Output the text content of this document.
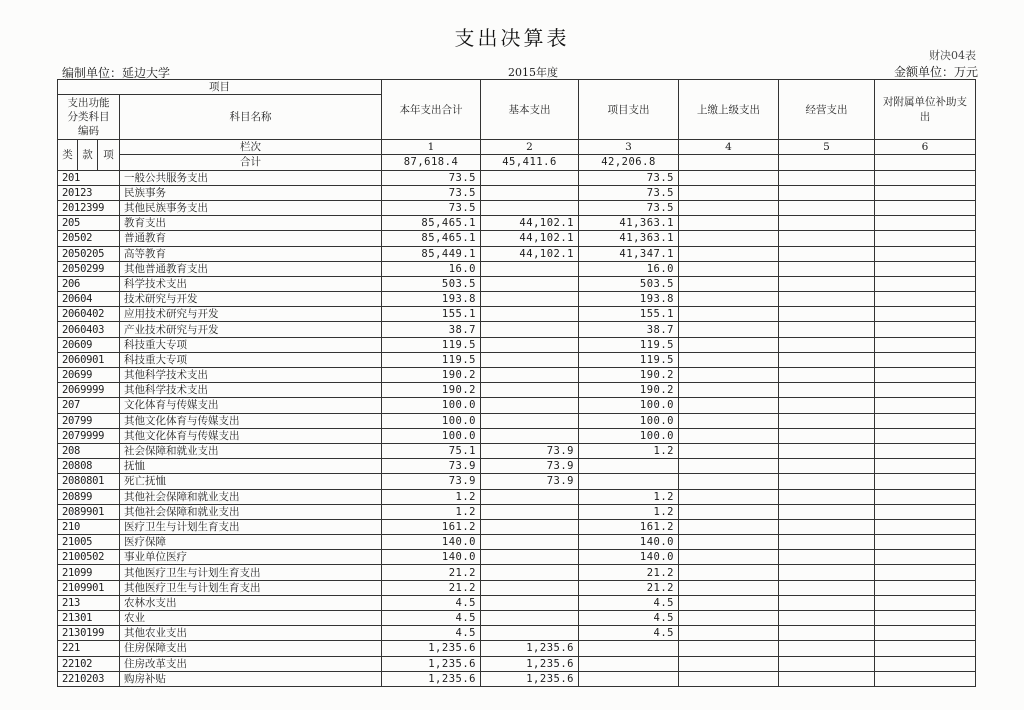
支出决算表
财决04表
编制单位：延边大学	2015年度	金额单位：万元
项目				本年支出合计	基本支出	项目支出	上缴上级支出	经营支出	对附属单位补助支出
支出功能分类科目编码			科目名称						

类	款	项	栏次	1	2	3	4	5	6
			合计	87,618.4	45,411.6	42,206.8			
201			一般公共服务支出	73.5		73.5			
20123			民族事务	73.5		73.5			
2012399			其他民族事务支出	73.5		73.5			
205			教育支出	85,465.1	44,102.1	41,363.1			
20502			普通教育	85,465.1	44,102.1	41,363.1			
2050205			高等教育	85,449.1	44,102.1	41,347.1			
2050299			其他普通教育支出	16.0		16.0			
206			科学技术支出	503.5		503.5			
20604			技术研究与开发	193.8		193.8			
2060402			应用技术研究与开发	155.1		155.1			
2060403			产业技术研究与开发	38.7		38.7			
20609			科技重大专项	119.5		119.5			
2060901			科技重大专项	119.5		119.5			
20699			其他科学技术支出	190.2		190.2			
2069999			其他科学技术支出	190.2		190.2			
207			文化体育与传媒支出	100.0		100.0			
20799			其他文化体育与传媒支出	100.0		100.0			
2079999			其他文化体育与传媒支出	100.0		100.0			
208			社会保障和就业支出	75.1	73.9	1.2			
20808			抚恤	73.9	73.9				
2080801			死亡抚恤	73.9	73.9				
20899			其他社会保障和就业支出	1.2		1.2			
2089901			其他社会保障和就业支出	1.2		1.2			
210			医疗卫生与计划生育支出	161.2		161.2			
21005			医疗保障	140.0		140.0			
2100502			事业单位医疗	140.0		140.0			
21099			其他医疗卫生与计划生育支出	21.2		21.2			
2109901			其他医疗卫生与计划生育支出	21.2		21.2			
213			农林水支出	4.5		4.5			
21301			农业	4.5		4.5			
2130199			其他农业支出	4.5		4.5			
221			住房保障支出	1,235.6	1,235.6				
22102			住房改革支出	1,235.6	1,235.6				
2210203			购房补贴	1,235.6	1,235.6				
